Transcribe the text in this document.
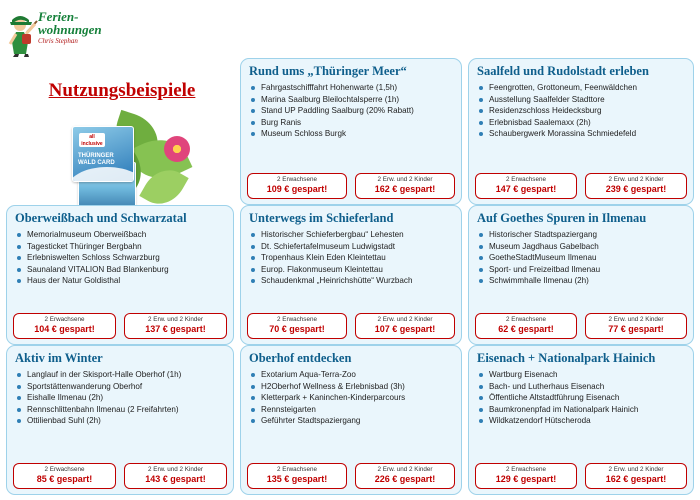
Ferien-
wohnungen
Chris Stephan
Nutzungsbeispiele
all inclusive
THÜRINGER
WALD CARD
Rund ums „Thüringer Meer“
Fahrgastschifffahrt Hohenwarte (1,5h)
Marina Saalburg Bleilochtalsperre (1h)
Stand UP Paddling Saalburg (20% Rabatt)
Burg Ranis
Museum Schloss Burgk
2 Erwachsene
109 € gespart!
2 Erw. und 2 Kinder
162 € gespart!
Saalfeld und Rudolstadt erleben
Feengrotten, Grottoneum, Feenwäldchen
Ausstellung Saalfelder Stadttore
Residenzschloss Heidecksburg
Erlebnisbad Saalemaxx (2h)
Schaubergwerk Morassina Schmiedefeld
2 Erwachsene
147 € gespart!
2 Erw. und 2 Kinder
239 € gespart!
Oberweißbach und Schwarzatal
Memorialmuseum Oberweißbach
Tagesticket Thüringer Bergbahn
Erlebniswelten Schloss Schwarzburg
Saunaland VITALION Bad Blankenburg
Haus der Natur Goldisthal
2 Erwachsene
104 € gespart!
2 Erw. und 2 Kinder
137 € gespart!
Unterwegs im Schieferland
Historischer Schieferbergbau“ Lehesten
Dt. Schiefertafelmuseum Ludwigstadt
Tropenhaus Klein Eden Kleintettau
Europ. Flakonmuseum Kleintettau
Schaudenkmal „Heinrichshütte“ Wurzbach
2 Erwachsene
70 € gespart!
2 Erw. und 2 Kinder
107 € gespart!
Auf Goethes Spuren in Ilmenau
Historischer Stadtspaziergang
Museum Jagdhaus Gabelbach
GoetheStadtMuseum Ilmenau
Sport- und Freizeitbad Ilmenau
Schwimmhalle Ilmenau (2h)
2 Erwachsene
62 € gespart!
2 Erw. und 2 Kinder
77 € gespart!
Aktiv im Winter
Langlauf in der Skisport-Halle Oberhof (1h)
Sportstättenwanderung Oberhof
Eishalle Ilmenau (2h)
Rennschlittenbahn Ilmenau (2 Freifahrten)
Ottilienbad Suhl (2h)
2 Erwachsene
85 € gespart!
2 Erw. und 2 Kinder
143 € gespart!
Oberhof entdecken
Exotarium Aqua-Terra-Zoo
H2Oberhof Wellness & Erlebnisbad (3h)
Kletterpark + Kaninchen-Kinderparcours
Rennsteigarten
Geführter Stadtspaziergang
2 Erwachsene
135 € gespart!
2 Erw. und 2 Kinder
226 € gespart!
Eisenach + Nationalpark Hainich
Wartburg Eisenach
Bach- und Lutherhaus Eisenach
Öffentliche Altstadtführung Eisenach
Baumkronenpfad im Nationalpark Hainich
Wildkatzendorf Hütscheroda
2 Erwachsene
129 € gespart!
2 Erw. und 2 Kinder
162 € gespart!
